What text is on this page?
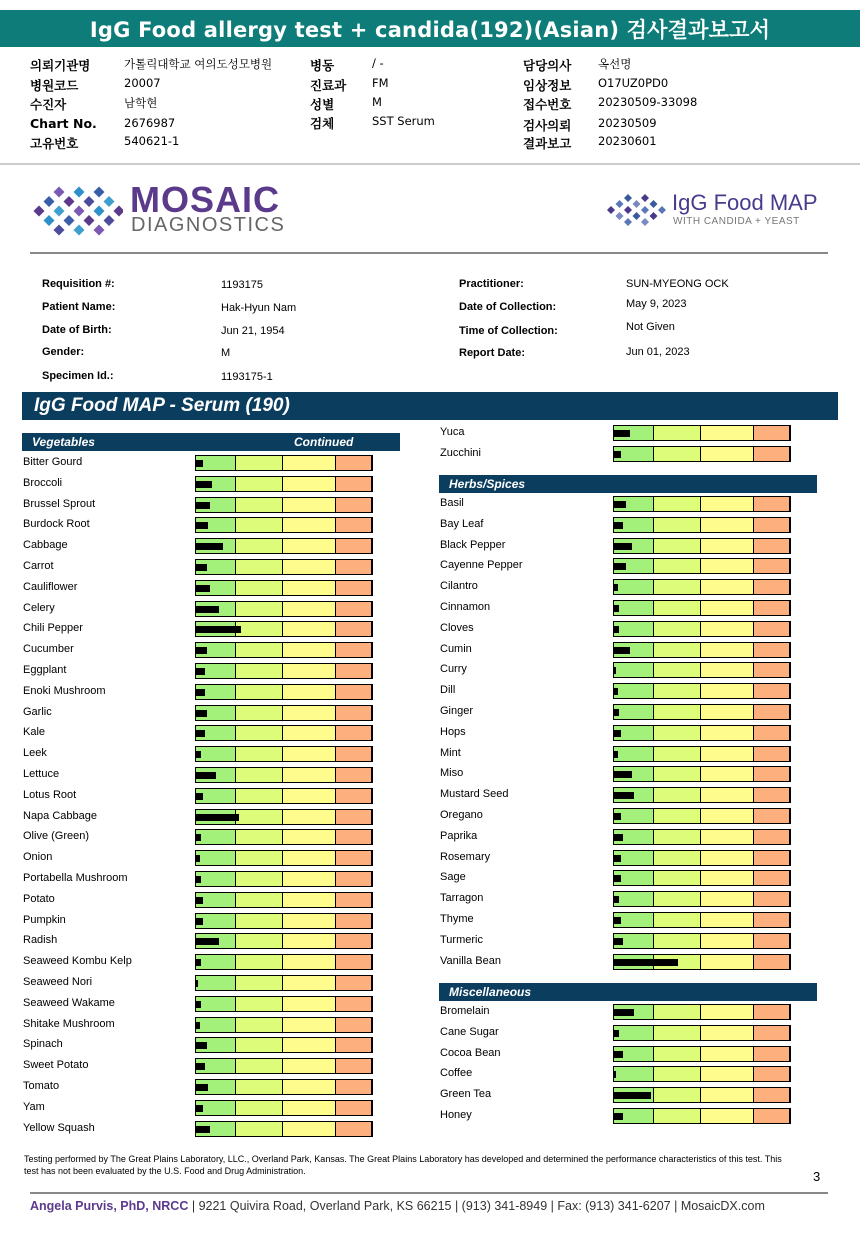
IgG Food allergy test + candida(192)(Asian) 검사결과보고서
의뢰기관명	가톨릭대학교 여의도성모병원
병원코드	20007
수진자	남학현
Chart No. 2676987
고유번호	540621-1
병동	/ -
진료과 FM
성별	M
검체	SST Serum
담당의사 옥선명
임상정보 O17UZ0PD0
접수번호 20230509-33098
검사의뢰 20230509
결과보고 20230601
MOSAIC
DIAGNOSTICS
IgG Food MAP
WITH CANDIDA + YEAST
Requisition #:	1193175
Patient Name:	Hak-Hyun Nam
Date of Birth:	Jun 21, 1954
Gender:	M
Specimen Id.:	1193175-1
Practitioner:	SUN-MYEONG OCK
Date of Collection:	May 9, 2023
Time of Collection:	Not Given
Report Date:	Jun 01, 2023
IgG Food MAP - Serum (190)
Vegetables	Continued
Herbs/Spices
Miscellaneous
Bitter Gourd
Broccoli
Brussel Sprout
Burdock Root
Cabbage
Carrot
Cauliflower
Celery
Chili Pepper
Cucumber
Eggplant
Enoki Mushroom
Garlic
Kale
Leek
Lettuce
Lotus Root
Napa Cabbage
Olive (Green)
Onion
Portabella Mushroom
Potato
Pumpkin
Radish
Seaweed Kombu Kelp
Seaweed Nori
Seaweed Wakame
Shitake Mushroom
Spinach
Sweet Potato
Tomato
Yam
Yellow Squash
Yuca
Zucchini
Basil
Bay Leaf
Black Pepper
Cayenne Pepper
Cilantro
Cinnamon
Cloves
Cumin
Curry
Dill
Ginger
Hops
Mint
Miso
Mustard Seed
Oregano
Paprika
Rosemary
Sage
Tarragon
Thyme
Turmeric
Vanilla Bean
Bromelain
Cane Sugar
Cocoa Bean
Coffee
Green Tea
Honey
Testing performed by The Great Plains Laboratory, LLC., Overland Park, Kansas. The Great Plains Laboratory has developed and determined the performance characteristics of this test. This test has not been evaluated by the U.S. Food and Drug Administration.	3
Angela Purvis, PhD, NRCC | 9221 Quivira Road, Overland Park, KS 66215 | (913) 341-8949 | Fax: (913) 341-6207 | MosaicDX.com
